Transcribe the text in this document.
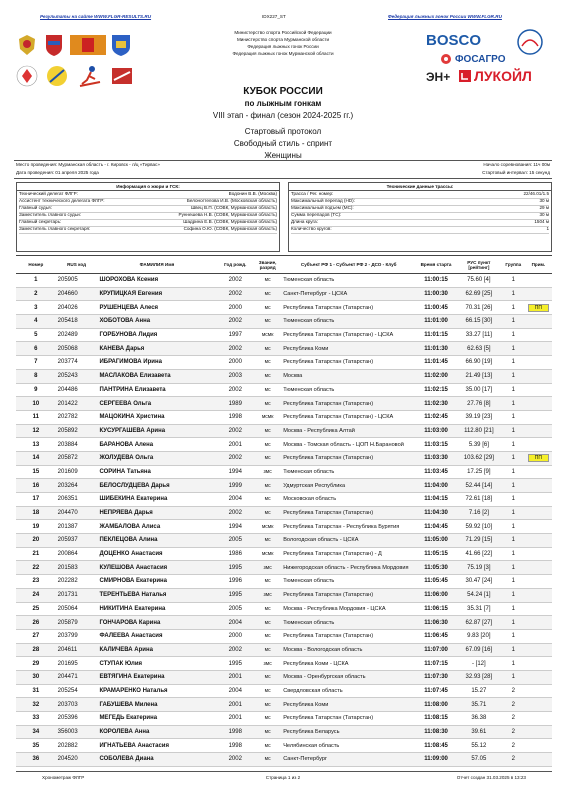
Результаты на сайте WWW.FLGR-RESULTS.RU	IDX227_ST	Федерация лыжных гонок России WWW.FLGR.RU
Министерство спорта Российской Федерации
Министерство спорта Мурманской области
Федерация лыжных гонок России
Федерация лыжных гонок Мурманской области
КУБОК РОССИИ
по лыжным гонкам
VIII этап - финал (сезон 2024-2025 гг.)
Стартовый протокол
Свободный стиль - спринт
Женщины
BOSCO
ФОСАГРО
ЭН+ ЛУКОЙЛ
Место проведения: Мурманская область - г. Кировск - л/ц «Тирвас»
Дата проведения: 01 апреля 2025 года
Начало соревнования: 11ч 00м
Стартовый интервал: 15 секунд
Информация о жюри и ГСК:
Технический делегат ФЛГР:	Водонин В.В. (Москва)
Ассистент технического делегата ФЛГР:	Белоногтелова И.В. (Московская область)
Главный судья:	Швец В.П. (СОВК, Мурманская область)
Заместитель главного судьи:	Руннешева Н.В. (СОВК, Мурманская область)
Главный секретарь:	Шадрина Е.В. (СОВК, Мурманская область)
Заместитель главного секретаря:	Софина О.Ю. (СОВК, Мурманская область)
Технические данные трассы:
Трасса / Рег. номер:	22/46.01/1.5
Максимальный перепад (HD):	30 м
Максимальный подъем (МС):	29 м
Сумма перепадов (ТС):	30 м
Длина круга:	1504 м
Количество кругов:	1
Номер	RUS код	ФАМИЛИЯ Имя	Год рожд.	Звание, разряд	Субъект РФ 1 - Субъект РФ 2 - ДСО - Клуб	Время старта	РУС пункт [рейтинг]	Группа	Прим.
1	205905	ШОРОХОВА Ксения	2002	мс	Тюменская область	11:00:15	75.60 [4]	1	
2	204660	КРУПИЦКАЯ Евгения	2002	мс	Санкт-Петербург - ЦСКА	11:00:30	62.69 [25]	1	
3	204026	РУШЕНЦЕВА Алеся	2000	мс	Республика Татарстан (Татарстан)	11:00:45	70.31 [26]	1	ПП
4	205418	ХОБОТОВА Анна	2002	мс	Тюменская область	11:01:00	66.15 [30]	1	
5	202489	ГОРБУНОВА Лидия	1997	мсмк	Республика Татарстан (Татарстан) - ЦСКА	11:01:15	33.27 [11]	1	
6	205068	КАНЕВА Дарья	2002	мс	Республика Коми	11:01:30	62.63 [5]	1	
7	203774	ИБРАГИМОВА Ирина	2000	мс	Республика Татарстан (Татарстан)	11:01:45	66.90 [19]	1	
8	205243	МАСЛАКОВА Елизавета	2003	мс	Москва	11:02:00	21.49 [13]	1	
9	204486	ПАНТРИНА Елизавета	2002	мс	Тюменская область	11:02:15	35.00 [17]	1	
10	201422	СЕРГЕЕВА Ольга	1989	мс	Республика Татарстан (Татарстан)	11:02:30	27.76 [8]	1	
11	202782	МАЦОКИНА Христина	1998	мсмк	Республика Татарстан (Татарстан) - ЦСКА	11:02:45	39.19 [23]	1	
12	205892	КУСУРГАШЕВА Арина	2002	мс	Москва - Республика Алтай	11:03:00	112.80 [21]	1	
13	203884	БАРАНОВА Алена	2001	мс	Москва - Томская область - ЦОП Н.Барановой	11:03:15	5.39 [6]	1	
14	205872	ЖОЛУДЕВА Ольга	2002	мс	Республика Татарстан (Татарстан)	11:03:30	103.62 [29]	1	ПП
15	201609	СОРИНА Татьяна	1994	змс	Тюменская область	11:03:45	17.25 [9]	1	
16	203264	БЕЛОСЛУДЦЕВА Дарья	1999	мс	Удмуртская Республика	11:04:00	52.44 [14]	1	
17	206351	ШИБЕКИНА Екатерина	2004	мс	Московская область	11:04:15	72.61 [18]	1	
18	204470	НЕПРЯЕВА Дарья	2002	мс	Республика Татарстан (Татарстан)	11:04:30	7.16 [2]	1	
19	201387	ЖАМБАЛОВА Алиса	1994	мсмк	Республика Татарстан - Республика Бурятия	11:04:45	59.92 [10]	1	
20	205937	ПЕКЛЕЦОВА Алина	2005	мс	Вологодская область - ЦСКА	11:05:00	71.29 [15]	1	
21	200864	ДОЦЕНКО Анастасия	1986	мсмк	Республика Татарстан (Татарстан) - Д	11:05:15	41.66 [22]	1	
22	201583	КУЛЕШОВА Анастасия	1995	змс	Нижегородская область - Республика Мордовия	11:05:30	75.19 [3]	1	
23	202282	СМИРНОВА Екатерина	1996	мс	Тюменская область	11:05:45	30.47 [24]	1	
24	201731	ТЕРЕНТЬЕВА Наталья	1995	змс	Республика Татарстан (Татарстан)	11:06:00	54.24 [1]	1	
25	205064	НИКИТИНА Екатерина	2005	мс	Москва - Республика Мордовия - ЦСКА	11:06:15	35.31 [7]	1	
26	205879	ГОНЧАРОВА Карина	2004	мс	Тюменская область	11:06:30	62.87 [27]	1	
27	203799	ФАЛЕЕВА Анастасия	2000	мс	Республика Татарстан (Татарстан)	11:06:45	9.83 [20]	1	
28	204611	КАЛИЧЕВА Арина	2002	мс	Москва - Вологодская область	11:07:00	67.09 [16]	1	
29	201695	СТУПАК Юлия	1995	змс	Республика Коми - ЦСКА	11:07:15	- [12]	1	
30	204471	ЕВТЯГИНА Екатерина	2001	мс	Москва - Оренбургская область	11:07:30	32.93 [28]	1	
31	205254	КРАМАРЕНКО Наталья	2004	мс	Свердловская область	11:07:45	15.27	2	
32	203703	ГАБУШЕВА Милена	2001	мс	Республика Коми	11:08:00	35.71	2	
33	205396	МЕГЕДЬ Екатерина	2001	мс	Республика Татарстан (Татарстан)	11:08:15	36.38	2	
34	356003	КОРОЛЕВА Анна	1998	мс	Республика Беларусь	11:08:30	39.61	2	
35	202882	ИГНАТЬЕВА Анастасия	1998	мс	Челябинская область	11:08:45	55.12	2	
36	204520	СОБОЛЕВА Диана	2002	мс	Санкт-Петербург	11:09:00	57.05	2	
Хронометраж ФЛГР	Страница 1 из 2	Отчет создан 31.03.2025 в 13:23
